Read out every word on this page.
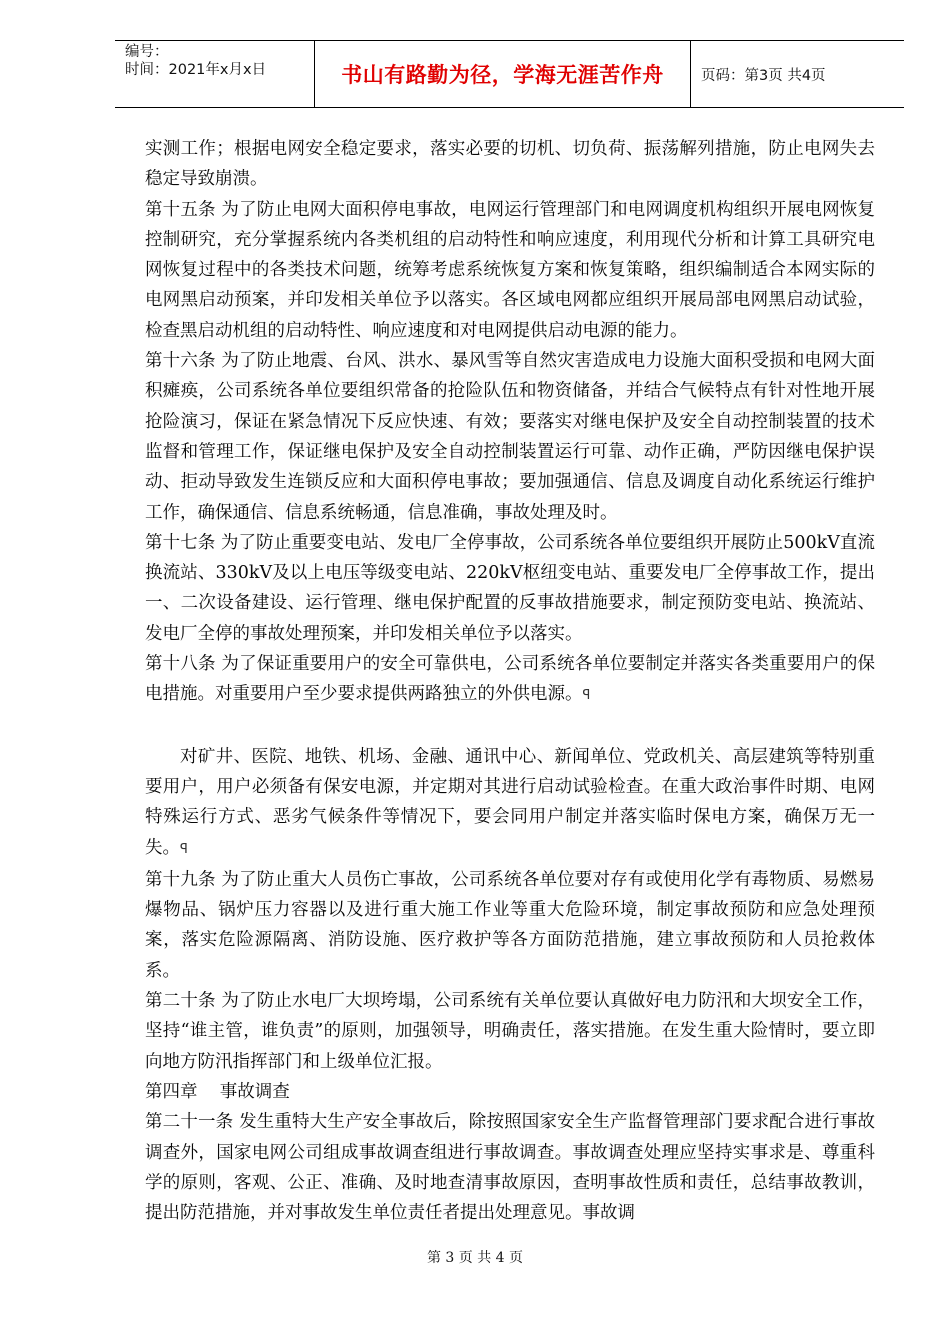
编号：
时间：2021年x月x日	书山有路勤为径，学海无涯苦作舟	页码：第3页 共4页

实测工作；根据电网安全稳定要求，落实必要的切机、切负荷、振荡解列措施，防止电网失去稳定导致崩溃。

第十五条 为了防止电网大面积停电事故，电网运行管理部门和电网调度机构组织开展电网恢复控制研究，充分掌握系统内各类机组的启动特性和响应速度，利用现代分析和计算工具研究电网恢复过程中的各类技术问题，统筹考虑系统恢复方案和恢复策略，组织编制适合本网实际的电网黑启动预案，并印发相关单位予以落实。各区域电网都应组织开展局部电网黑启动试验，检查黑启动机组的启动特性、响应速度和对电网提供启动电源的能力。

第十六条 为了防止地震、台风、洪水、暴风雪等自然灾害造成电力设施大面积受损和电网大面积瘫痪，公司系统各单位要组织常备的抢险队伍和物资储备，并结合气候特点有针对性地开展抢险演习，保证在紧急情况下反应快速、有效；要落实对继电保护及安全自动控制装置的技术监督和管理工作，保证继电保护及安全自动控制装置运行可靠、动作正确，严防因继电保护误动、拒动导致发生连锁反应和大面积停电事故；要加强通信、信息及调度自动化系统运行维护工作，确保通信、信息系统畅通，信息准确，事故处理及时。

第十七条 为了防止重要变电站、发电厂全停事故，公司系统各单位要组织开展防止500kV直流换流站、330kV及以上电压等级变电站、220kV枢纽变电站、重要发电厂全停事故工作，提出一、二次设备建设、运行管理、继电保护配置的反事故措施要求，制定预防变电站、换流站、发电厂全停的事故处理预案，并印发相关单位予以落实。

第十八条 为了保证重要用户的安全可靠供电，公司系统各单位要制定并落实各类重要用户的保电措施。对重要用户至少要求提供两路独立的外供电源。ꟼ

对矿井、医院、地铁、机场、金融、通讯中心、新闻单位、党政机关、高层建筑等特别重要用户，用户必须备有保安电源，并定期对其进行启动试验检查。在重大政治事件时期、电网特殊运行方式、恶劣气候条件等情况下，要会同用户制定并落实临时保电方案，确保万无一失。ꟼ

第十九条 为了防止重大人员伤亡事故，公司系统各单位要对存有或使用化学有毒物质、易燃易爆物品、锅炉压力容器以及进行重大施工作业等重大危险环境，制定事故预防和应急处理预案，落实危险源隔离、消防设施、医疗救护等各方面防范措施，建立事故预防和人员抢救体系。

第二十条 为了防止水电厂大坝垮塌，公司系统有关单位要认真做好电力防汛和大坝安全工作，坚持“谁主管，谁负责”的原则，加强领导，明确责任，落实措施。在发生重大险情时，要立即向地方防汛指挥部门和上级单位汇报。

第四章    事故调查

第二十一条 发生重特大生产安全事故后，除按照国家安全生产监督管理部门要求配合进行事故调查外，国家电网公司组成事故调查组进行事故调查。事故调查处理应坚持实事求是、尊重科学的原则，客观、公正、准确、及时地查清事故原因，查明事故性质和责任，总结事故教训，提出防范措施，并对事故发生单位责任者提出处理意见。事故调

第 3 页 共 4 页
